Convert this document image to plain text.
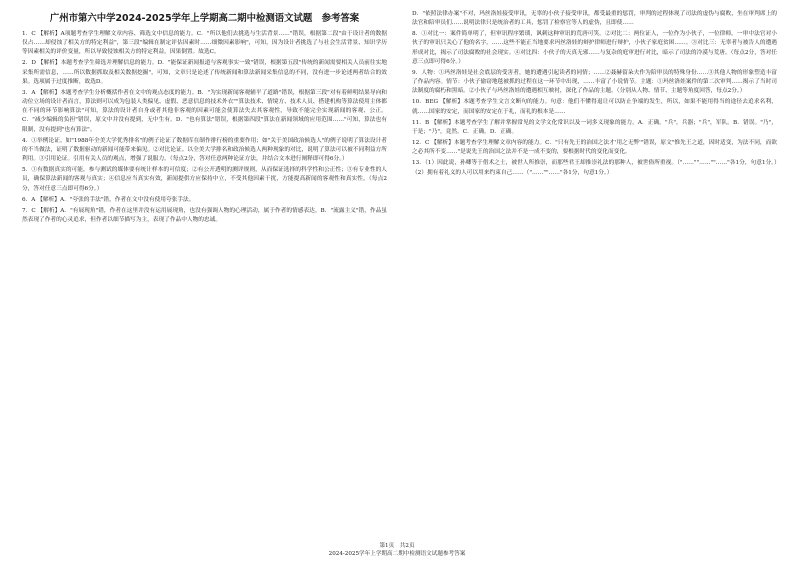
广州市第六中学2024-2025学年上学期高二期中检测语文试题　参考答案

1．C 【解析】A项题考查学生理解文章内容、筛选文中信息的能力。C．"所以他们去挑选与生活背景……"错误，根据第二段"由于设计者的数据仅占……却侵蚀了相关方的特定利益"，第三段"编辑在制定评估因素时……细微因素影响"，可知，因为设计者挑选了与社会生活背景、知识学历等因素相关的评价变量，所以导致侵蚀相关方的特定利益。因果倒置。故选C。

2．D 【解析】本题考查学生筛选并理解信息的能力。D．"能保证新闻报道与客观事实一致"错误，根据第五段"传统的新闻需要相关人员前往实地采集所需信息，……所以数据抓取及相关数据挖掘"，可知，文章只是论述了传统新闻和算法新闻采集信息的不同，没有进一步论述两者结合的效果。选项属于过度推断，故选D。

3．A 【解析】本题考查学生分析概括作者在文中的观点态度的能力。B．"为实现新闻客观辅平了道路"错误，根据第三段"对有着鲜明结果导向和动位立场的设计者而言，算法则可以成为包装人类偏见、虚假、恶意信息的技术外衣""算法技术、情境方、技术人员、搭建机构等算法使用主体都在不同的环节影响算法"可知，算法的设计者自身或者其他非客观的因素可能会使算法失去其客观性，导致不能完全实现新闻的客观、公正。C．"减少编辑的负担"错误，原文中并没有提到，无中生有。D．"也有算法"错误，根据第四段"算法在新闻领域的应用范围……"可知，算法也有限制，没有提到"也有算法"。

4．①举例论证。如"1988年全美大学优秀排名"的例子论证了数据库在制作排行榜的重要作用；如"关于美国政治候选人"的例子说明了算法设计者的不当做法，证明了数据驱动的新闻可能带来偏见。②对比论证。以全美大学排名和政治候选人两种现象的对比，说明了算法可以被不同利益方所利用。③引用论证。引用有关人员的观点，增强了说服力。（每点2分，答对任意两种论证方法，并结合文本进行阐释即可得6分。）

5．①有数据真实的可能，参与测试的媒体要有统计样本的可信度；②有公开透明的测评规则，从而保证选择的科学性和公正性；③有专业性的人员，确保算法新闻的客观与真实；④信息应当真实有效，新闻提供方应保持中立，不受其他因素干扰，方能提高新闻的客观性和真实性。（每点2分，答对任意三点即可得6分。）

6．A 【解析】A．"夸张的手法"错，作者在文中没有使用夸张手法。

7．C 【解析】A．"有展现角"错，作者在这里并没有运用展现角，也没有强调人物的心理活动，属于作者的情感表达。B．"流露主义"错，作品虽然表现了作者的心灵追求，但作者以细节描写为主，表现了作品中人物的忠诚。

D．"依照法律办案"不对，玛丝洛娃接受审讯，无辜的小伙子接受审讯，都受最重的惩罚，审判的过程体现了司法的虚伪与腐败，坐在审判席上的法官和陪审员们……说明法律只是统治者的工具，惩罚了检察官等人的虚伪，且即使……

8．①对比一：案件简单明了，但审讯程序繁琐，讽刺这种审讯的荒唐可笑。②对比二：两位证人，一位作为小伙子，一位律师。一审中法官对小伙子的审讯只关心了他的名字，……这些不能正当地要求玛丝洛娃的辩护律师进行辩护，小伙子家庭贫困……。③对比三：无辜者与被告人的遭遇形成对比，揭示了司法腐败的社会现实。④对比四：小伙子的天真无邪……与复杂的庭审进行对比，暗示了司法的冷漠与荒唐。（每点2分，答对任意三点即可得6分。）

9．人物：①玛丝洛娃是社会底层的受害者，她的遭遇引起读者的同情；……②聂赫留朵夫作为陪审员的特殊身份……③其他人物的形象塑造丰富了作品内容。情节：小伙子偷窃地毯被抓的过程在这一环节中出现，……丰富了小说情节。主题：①玛丝洛娃案件的第二次审判……揭示了当时司法制度的腐朽和黑暗。②小伙子与玛丝洛娃的遭遇相互映衬，深化了作品的主题。（分别从人物、情节、主题等角度回答，每点2分。）

10．BEG 【解析】本题考查学生文言文断句的能力。句意：他们不懂得退让可以防止争端的发生，所以，如果不能用得当的途径去追求名利，就……国家的安定，而国家的安定在于礼，而礼的根本是……

11．B 【解析】本题考查学生了解并掌握常见的文学文化常识以及一词多义现象的能力。A．正确。"兵"，兵器；"兵"，军队。B．错误。"乃"，于是；"乃"，竟然。C．正确。D．正确。

12．C 【解析】本题考查学生理解文章内容的能力。C．"只有先王的治国之法才'用之无弊'"错误，原文"惟先王之道，因时适变，为法不同，而欲之必其所不变……"是说先王的治国之法并不是一成不变的，要根据时代的变化而变化。

13．（1）因此说，孙卿等于借术之士，被世人所推崇，而那些君王却推崇礼法的那种人，被世俗所重视。（"……""……""……"各1分，句意1分。）（2）拥有着礼义的人可以用来约束自己……（"……""……"各1分，句意1分。）

第1页　共2页
2024-2025学年上学期高二期中检测语文试题参考答案
